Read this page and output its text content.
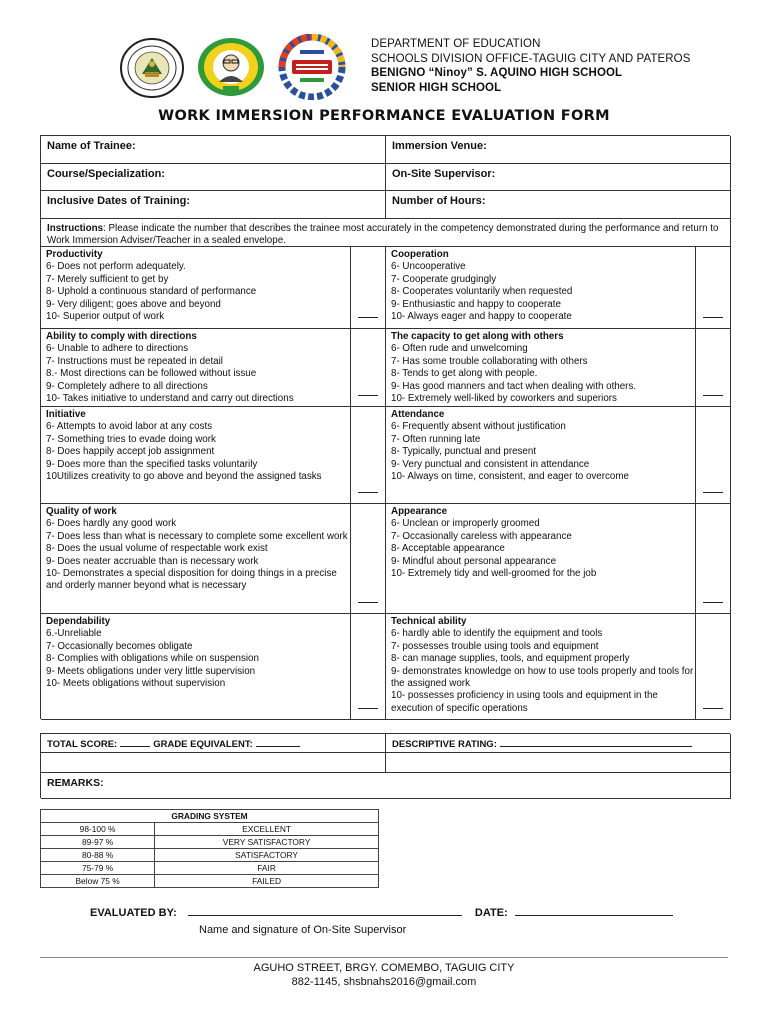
DEPARTMENT OF EDUCATION
SCHOOLS DIVISION OFFICE-TAGUIG CITY AND PATEROS
BENIGNO “Ninoy” S. AQUINO HIGH SCHOOL
SENIOR HIGH SCHOOL
WORK IMMERSION PERFORMANCE EVALUATION FORM
Name of Trainee:	Immersion Venue:
Course/Specialization:	On-Site Supervisor:
Inclusive Dates of Training:	Number of Hours:
Instructions: Please indicate the number that describes the trainee most accurately in the competency demonstrated during the performance and return to Work Immersion Adviser/Teacher in a sealed envelope.
Productivity
6- Does not perform adequately.
7- Merely sufficient to get by
8- Uphold a continuous standard of performance
9- Very diligent; goes above and beyond
10- Superior output of work
Cooperation
6- Uncooperative
7- Cooperate grudgingly
8- Cooperates voluntarily when requested
9- Enthusiastic and happy to cooperate
10- Always eager and happy to cooperate
Ability to comply with directions
6- Unable to adhere to directions
7- Instructions must be repeated in detail
8.- Most directions can be followed without issue
9- Completely adhere to all directions
10- Takes initiative to understand and carry out directions
The capacity to get along with others
6- Often rude and unwelcoming
7- Has some trouble collaborating with others
8- Tends to get along with people.
9- Has good manners and tact when dealing with others.
10- Extremely well-liked by coworkers and superiors
Initiative
6- Attempts to avoid labor at any costs
7- Something tries to evade doing work
8- Does happily accept job assignment
9- Does more than the specified tasks voluntarily
10Utilizes creativity to go above and beyond the assigned tasks
Attendance
6- Frequently absent without justification
7- Often running late
8- Typically, punctual and present
9- Very punctual and consistent in attendance
10- Always on time, consistent, and eager to overcome
Quality of work
6- Does hardly any good work
7- Does less than what is necessary to complete some excellent work
8- Does the usual volume of respectable work exist
9- Does neater accruable than is necessary work
10- Demonstrates a special disposition for doing things in a precise and orderly manner beyond what is necessary
Appearance
6- Unclean or improperly groomed
7- Occasionally careless with appearance
8- Acceptable appearance
9- Mindful about personal appearance
10- Extremely tidy and well-groomed for the job
Dependability
6.-Unreliable
7- Occasionally becomes obligate
8- Complies with obligations while on suspension
9- Meets obligations under very little supervision
10- Meets obligations without supervision
Technical ability
6- hardly able to identify the equipment and tools
7- possesses trouble using tools and equipment
8- can manage supplies, tools, and equipment properly
9- demonstrates knowledge on how to use tools properly and tools for the assigned work
10- possesses proficiency in using tools and equipment in the execution of specific operations
TOTAL SCORE:	GRADE EQUIVALENT:	DESCRIPTIVE RATING:
REMARKS:
GRADING SYSTEM	
98-100 %	EXCELLENT
89-97 %	VERY SATISFACTORY
80-88 %	SATISFACTORY
75-79 %	FAIR
Below 75 %	FAILED
EVALUATED BY:	DATE:
Name and signature of On-Site Supervisor
AGUHO STREET, BRGY. COMEMBO, TAGUIG CITY
882-1145, shsbnahs2016@gmail.com
